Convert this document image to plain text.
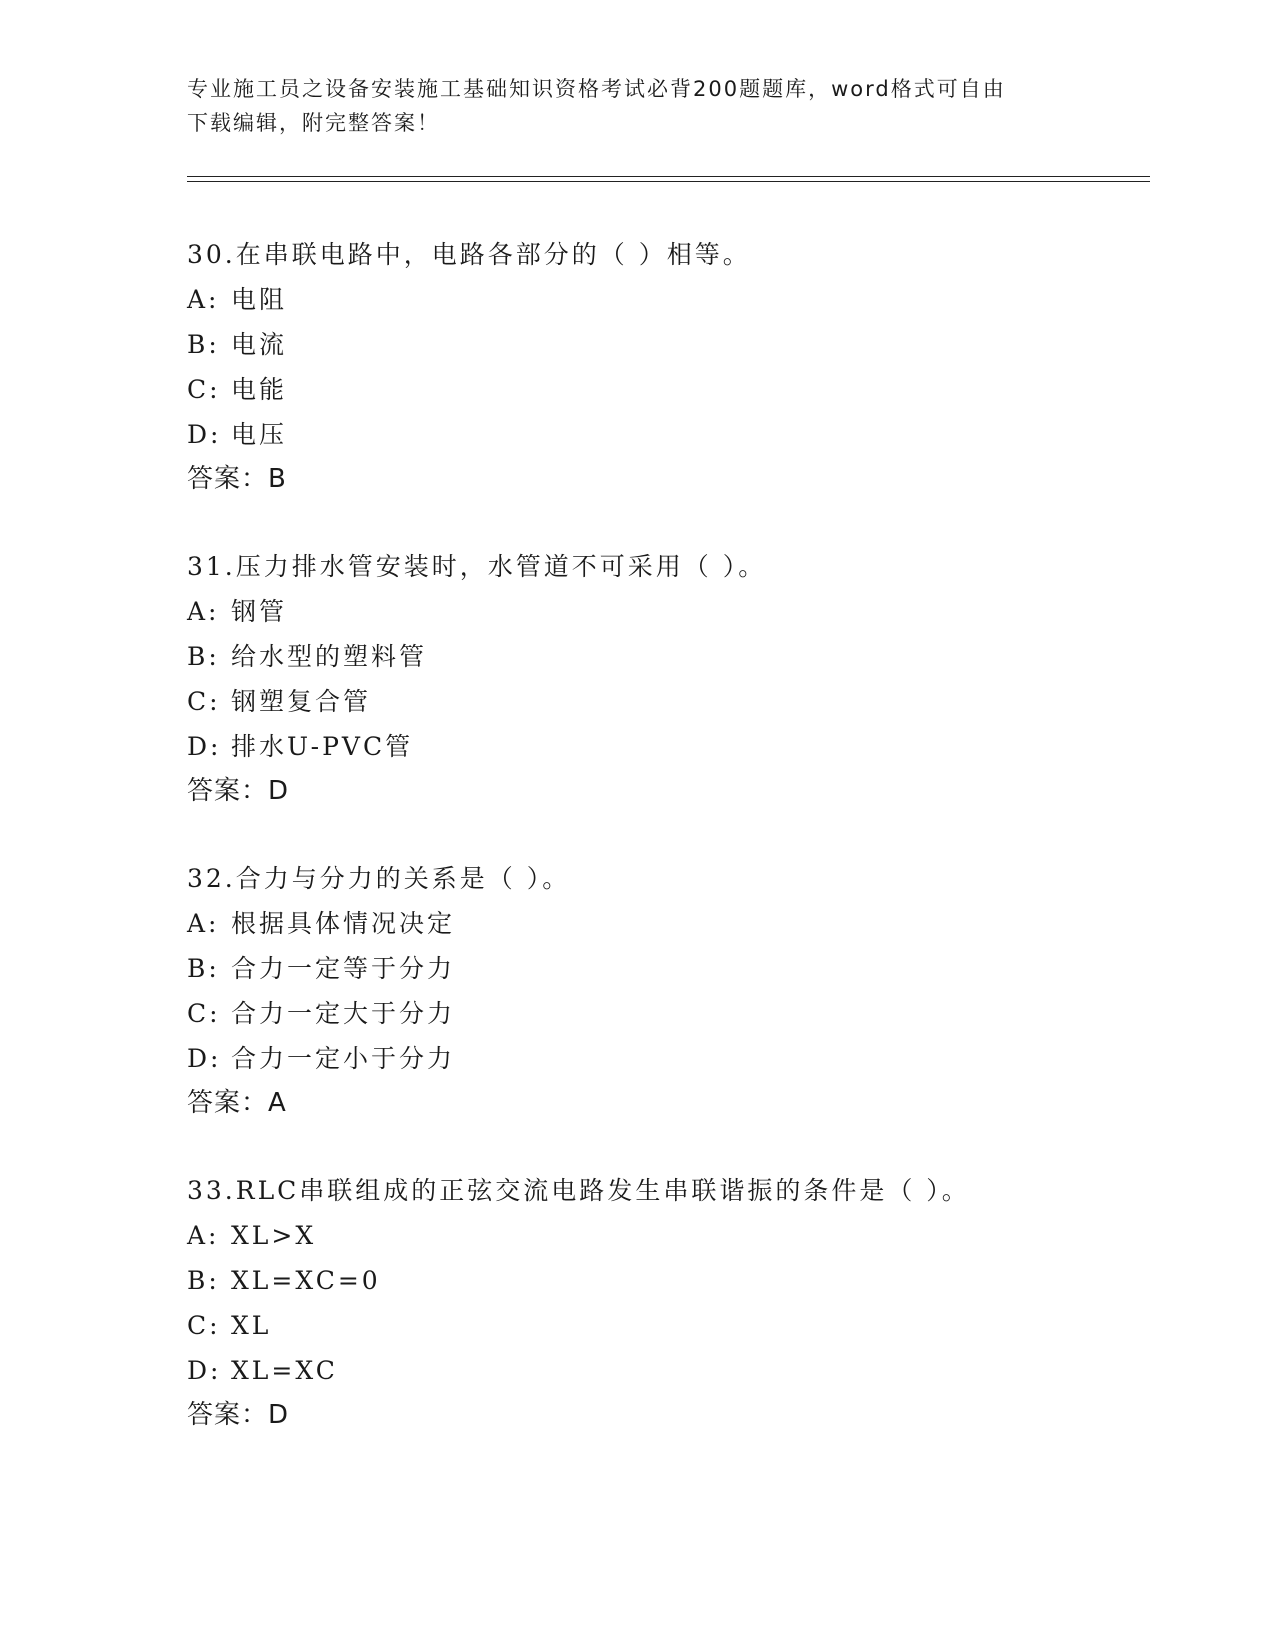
专业施工员之设备安装施工基础知识资格考试必背200题题库，word格式可自由
下载编辑，附完整答案！
30.在串联电路中，电路各部分的（ ）相等。
A: 电阻
B: 电流
C: 电能
D: 电压
答案：B
31.压力排水管安装时，水管道不可采用（ ）。
A: 钢管
B: 给水型的塑料管
C: 钢塑复合管
D: 排水U-PVC管
答案：D
32.合力与分力的关系是（ ）。
A: 根据具体情况决定
B: 合力一定等于分力
C: 合力一定大于分力
D: 合力一定小于分力
答案：A
33.RLC串联组成的正弦交流电路发生串联谐振的条件是（ ）。
A: XL>X
B: XL=XC=0
C: XL
D: XL=XC
答案：D
